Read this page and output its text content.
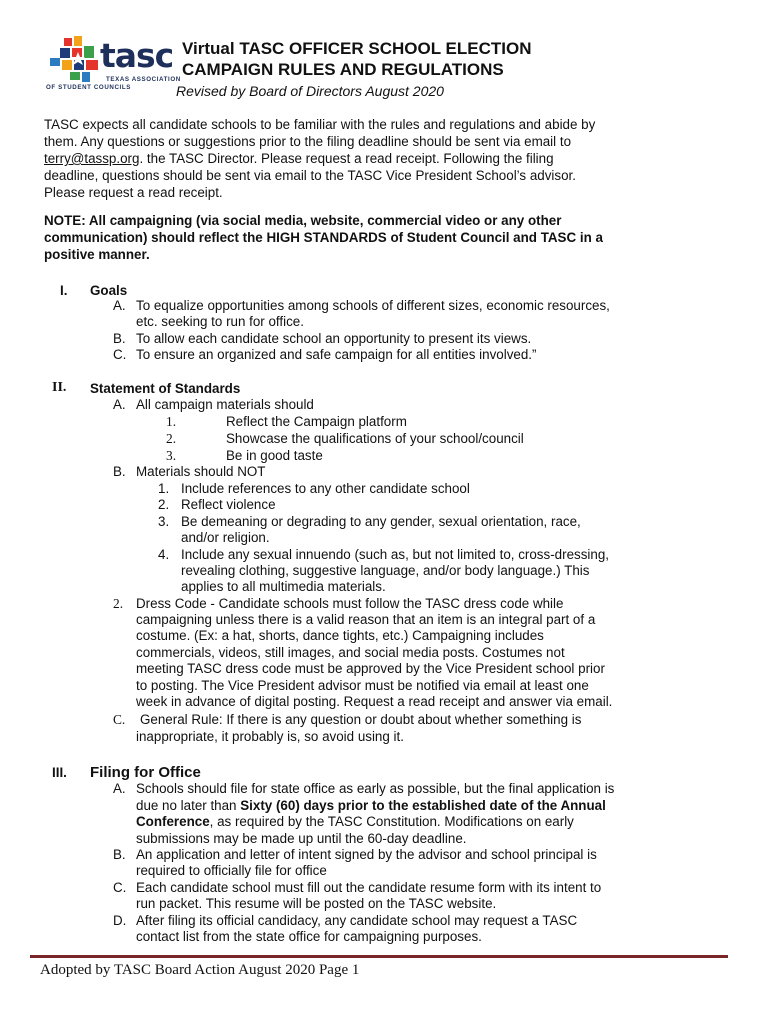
tasc
TEXAS ASSOCIATION
OF STUDENT COUNCILS
Virtual TASC OFFICER SCHOOL ELECTION
CAMPAIGN RULES AND REGULATIONS
Revised by Board of Directors August 2020
TASC expects all candidate schools to be familiar with the rules and regulations and abide by
them. Any questions or suggestions prior to the filing deadline should be sent via email to
terry@tassp.org. the TASC Director. Please request a read receipt. Following the filing
deadline, questions should be sent via email to the TASC Vice President School’s advisor.
Please request a read receipt.
NOTE: All campaigning (via social media, website, commercial video or any other
communication) should reflect the HIGH STANDARDS of Student Council and TASC in a
positive manner.
I. Goals
A. To equalize opportunities among schools of different sizes, economic resources,
etc. seeking to run for office.
B. To allow each candidate school an opportunity to present its views.
C. To ensure an organized and safe campaign for all entities involved.”
II. Statement of Standards
A. All campaign materials should
1.	Reflect the Campaign platform
2.	Showcase the qualifications of your school/council
3.	Be in good taste
B. Materials should NOT
1. Include references to any other candidate school
2. Reflect violence
3. Be demeaning or degrading to any gender, sexual orientation, race,
and/or religion.
4. Include any sexual innuendo (such as, but not limited to, cross-dressing,
revealing clothing, suggestive language, and/or body language.) This
applies to all multimedia materials.
2. Dress Code - Candidate schools must follow the TASC dress code while
campaigning unless there is a valid reason that an item is an integral part of a
costume. (Ex: a hat, shorts, dance tights, etc.) Campaigning includes
commercials, videos, still images, and social media posts. Costumes not
meeting TASC dress code must be approved by the Vice President school prior
to posting. The Vice President advisor must be notified via email at least one
week in advance of digital posting. Request a read receipt and answer via email.
C. General Rule: If there is any question or doubt about whether something is
inappropriate, it probably is, so avoid using it.
III. Filing for Office
A. Schools should file for state office as early as possible, but the final application is
due no later than Sixty (60) days prior to the established date of the Annual
Conference, as required by the TASC Constitution. Modifications on early
submissions may be made up until the 60-day deadline.
B. An application and letter of intent signed by the advisor and school principal is
required to officially file for office
C. Each candidate school must fill out the candidate resume form with its intent to
run packet. This resume will be posted on the TASC website.
D. After filing its official candidacy, any candidate school may request a TASC
contact list from the state office for campaigning purposes.
Adopted by TASC Board Action August 2020 Page 1
